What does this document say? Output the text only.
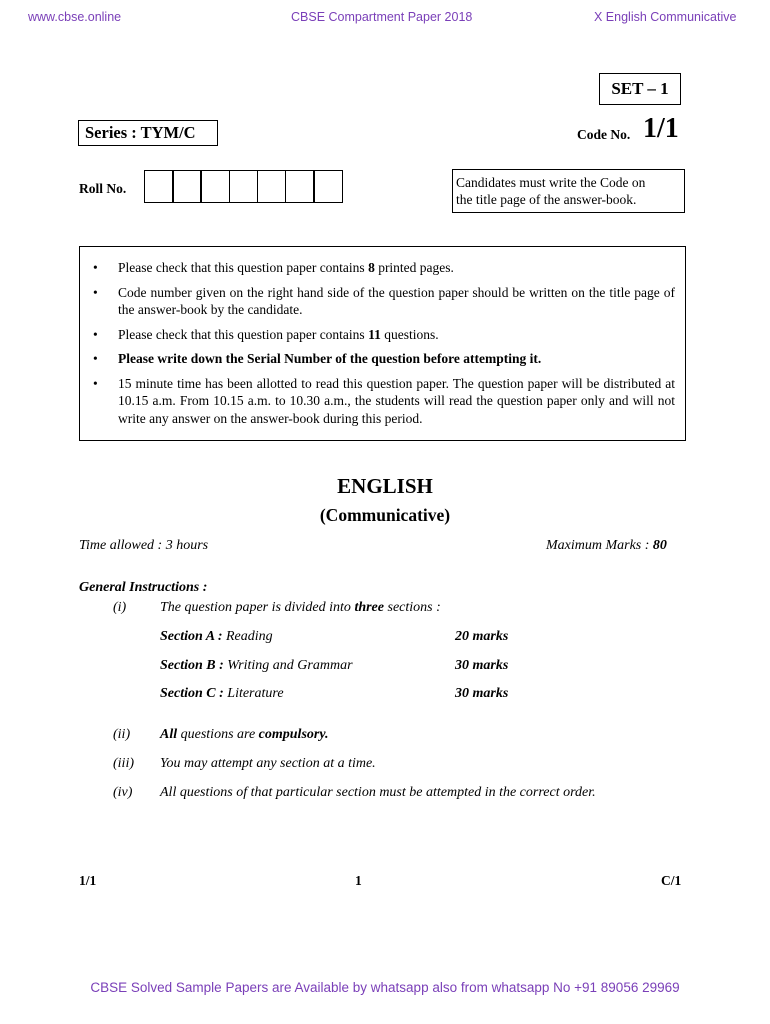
www.cbse.online	CBSE Compartment Paper 2018	X English Communicative
SET – 1
Series : TYM/C	Code No. 1/1
Roll No.	Candidates must write the Code on
the title page of the answer-book.
• Please check that this question paper contains 8 printed pages.
• Code number given on the right hand side of the question paper should be written on the title page of the answer-book by the candidate.
• Please check that this question paper contains 11 questions.
• Please write down the Serial Number of the question before attempting it.
• 15 minute time has been allotted to read this question paper. The question paper will be distributed at 10.15 a.m. From 10.15 a.m. to 10.30 a.m., the students will read the question paper only and will not write any answer on the answer-book during this period.
ENGLISH
(Communicative)
Time allowed : 3 hours	Maximum Marks : 80
General Instructions :
(i) The question paper is divided into three sections :
Section A : Reading	20 marks
Section B : Writing and Grammar	30 marks
Section C : Literature	30 marks
(ii) All questions are compulsory.
(iii) You may attempt any section at a time.
(iv) All questions of that particular section must be attempted in the correct order.
1/1	1	C/1
CBSE Solved Sample Papers are Available by whatsapp also from whatsapp No +91 89056 29969
